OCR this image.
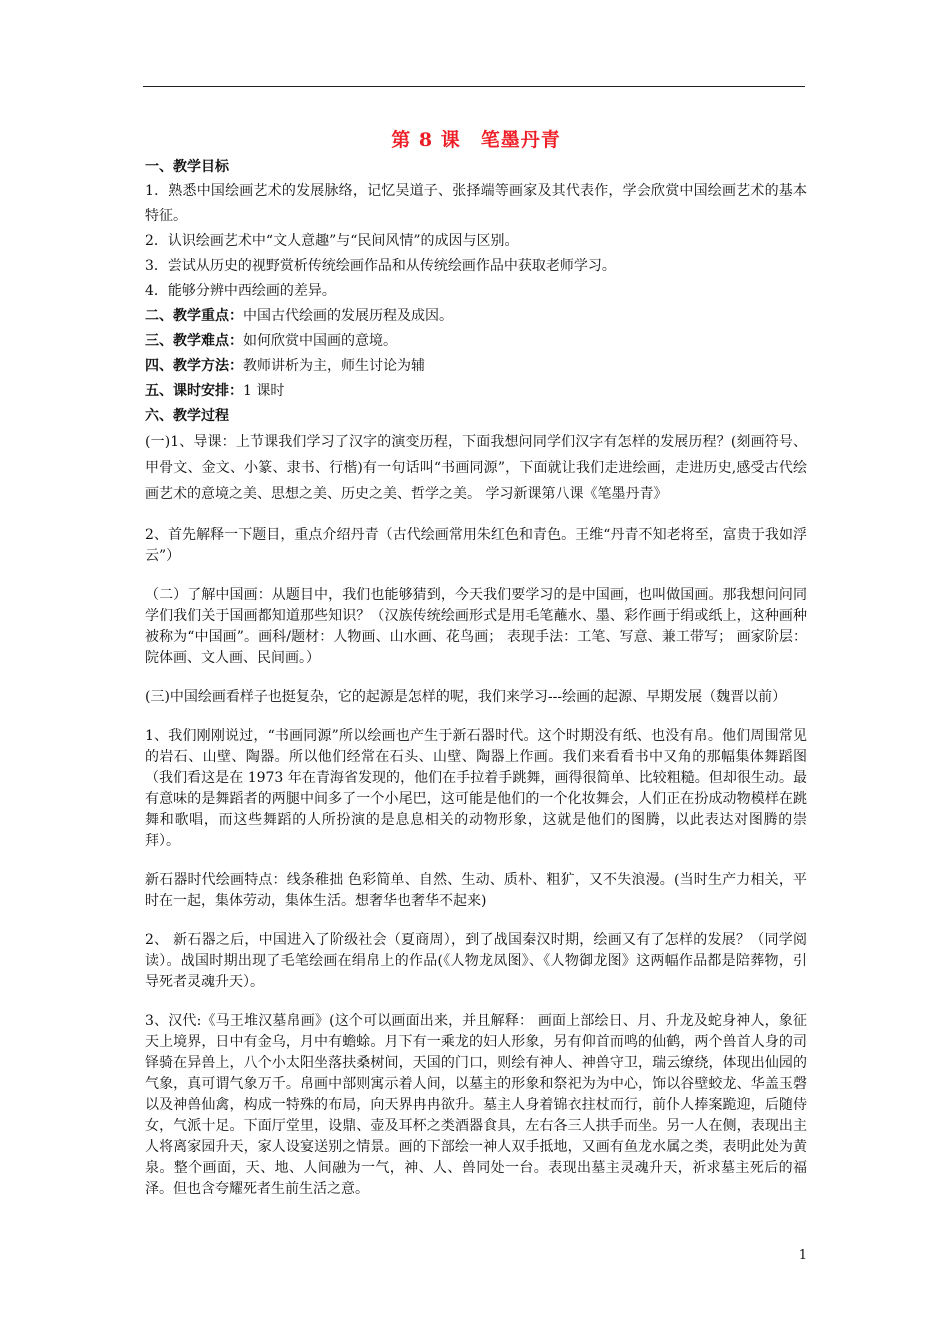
第 8 课　笔墨丹青

一、教学目标

1．熟悉中国绘画艺术的发展脉络，记忆吴道子、张择端等画家及其代表作，学会欣赏中国绘画艺术的基本特征。

2．认识绘画艺术中“文人意趣”与“民间风情”的成因与区别。

3．尝试从历史的视野赏析传统绘画作品和从传统绘画作品中获取老师学习。

4．能够分辨中西绘画的差异。

二、教学重点：中国古代绘画的发展历程及成因。

三、教学难点：如何欣赏中国画的意境。

四、教学方法：教师讲析为主，师生讨论为辅

五、课时安排：1 课时

六、教学过程

(一)1、导课：上节课我们学习了汉字的演变历程，下面我想问同学们汉字有怎样的发展历程？(刻画符号、甲骨文、金文、小篆、隶书、行楷)有一句话叫“书画同源”，下面就让我们走进绘画，走进历史,感受古代绘画艺术的意境之美、思想之美、历史之美、哲学之美。 学习新课第八课《笔墨丹青》

2、首先解释一下题目，重点介绍丹青（古代绘画常用朱红色和青色。王维“丹青不知老将至，富贵于我如浮云”）

（二）了解中国画：从题目中，我们也能够猜到，今天我们要学习的是中国画，也叫做国画。那我想问问同学们我们关于国画都知道那些知识？（汉族传统绘画形式是用毛笔蘸水、墨、彩作画于绢或纸上，这种画种被称为“中国画”。画科/题材：人物画、山水画、花鸟画； 表现手法：工笔、写意、兼工带写； 画家阶层：院体画、文人画、民间画。）

(三)中国绘画看样子也挺复杂，它的起源是怎样的呢，我们来学习---绘画的起源、早期发展（魏晋以前）

1、我们刚刚说过，“书画同源”所以绘画也产生于新石器时代。这个时期没有纸、也没有帛。他们周围常见的岩石、山壁、陶器。所以他们经常在石头、山壁、陶器上作画。我们来看看书中又角的那幅集体舞蹈图（我们看这是在 1973 年在青海省发现的，他们在手拉着手跳舞，画得很简单、比较粗糙。但却很生动。最有意味的是舞蹈者的两腿中间多了一个小尾巴，这可能是他们的一个化妆舞会，人们正在扮成动物模样在跳舞和歌唱，而这些舞蹈的人所扮演的是息息相关的动物形象，这就是他们的图腾，以此表达对图腾的崇拜）。

新石器时代绘画特点：线条稚拙 色彩简单、自然、生动、质朴、粗犷，又不失浪漫。(当时生产力相关，平时在一起，集体劳动，集体生活。想奢华也奢华不起来)

2、 新石器之后，中国进入了阶级社会（夏商周），到了战国秦汉时期，绘画又有了怎样的发展？（同学阅读）。战国时期出现了毛笔绘画在绢帛上的作品(《人物龙凤图》、《人物御龙图》这两幅作品都是陪葬物，引导死者灵魂升天）。

3、汉代:《马王堆汉墓帛画》(这个可以画面出来，并且解释： 画面上部绘日、月、升龙及蛇身神人，象征天上境界，日中有金乌，月中有蟾蜍。月下有一乘龙的妇人形象，另有仰首而鸣的仙鹤，两个兽首人身的司铎骑在异兽上，八个小太阳坐落扶桑树间，天国的门口，则绘有神人、神兽守卫，瑞云缭绕，体现出仙园的气象，真可谓气象万千。帛画中部则寓示着人间，以墓主的形象和祭祀为为中心，饰以谷壁蛟龙、华盖玉磬以及神兽仙禽，构成一特殊的布局，向天界冉冉欲升。墓主人身着锦衣拄杖而行，前仆人捧案跪迎，后随侍女，气派十足。下面厅堂里，设鼎、壶及耳杯之类酒器食具，左右各三人拱手而坐。另一人在侧，表现出主人将离家园升天，家人设宴送别之情景。画的下部绘一神人双手抵地，又画有鱼龙水属之类，表明此处为黄泉。整个画面，天、地、人间融为一气，神、人、兽同处一台。表现出墓主灵魂升天，祈求墓主死后的福泽。但也含夸耀死者生前生活之意。

1
